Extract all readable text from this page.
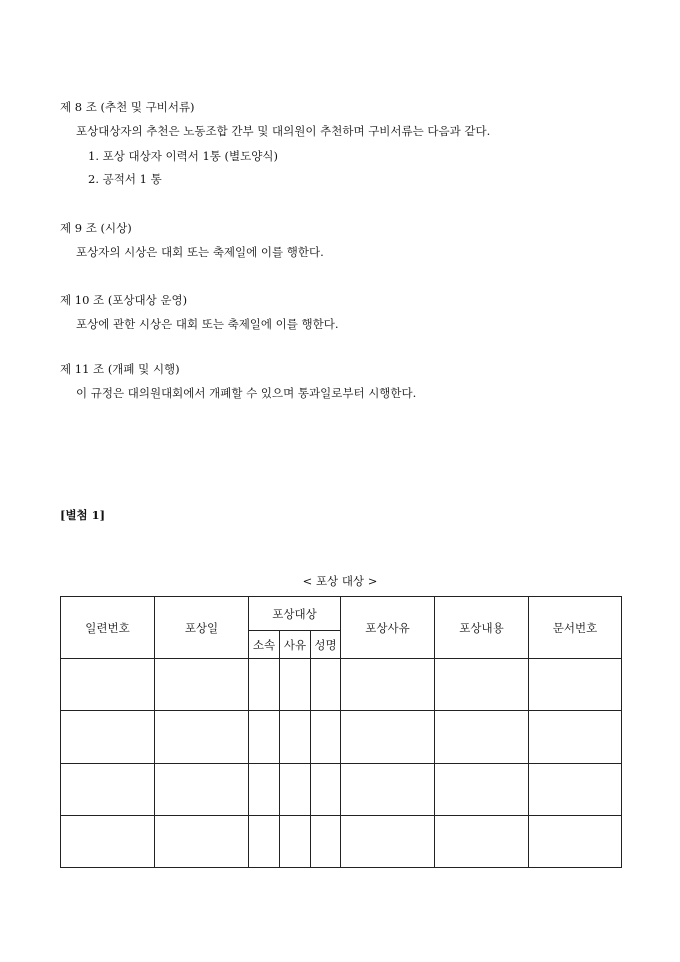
제 8 조 (추천 및 구비서류)
포상대상자의 추천은 노동조합 간부 및 대의원이 추천하며 구비서류는 다음과 같다.
1. 포상 대상자 이력서 1통 (별도양식)
2. 공적서 1 통
제 9 조 (시상)
포상자의 시상은 대회 또는 축제일에 이를 행한다.
제 10 조 (포상대상 운영)
포상에 관한 시상은 대회 또는 축제일에 이를 행한다.
제 11 조 (개폐 및 시행)
이 규정은 대의원대회에서 개폐할 수 있으며 통과일로부터 시행한다.
[별첨 1]
< 포상 대상 >
일련번호	포상일	포상대상			포상사유	포상내용	문서번호
		소속	사유	성명			
